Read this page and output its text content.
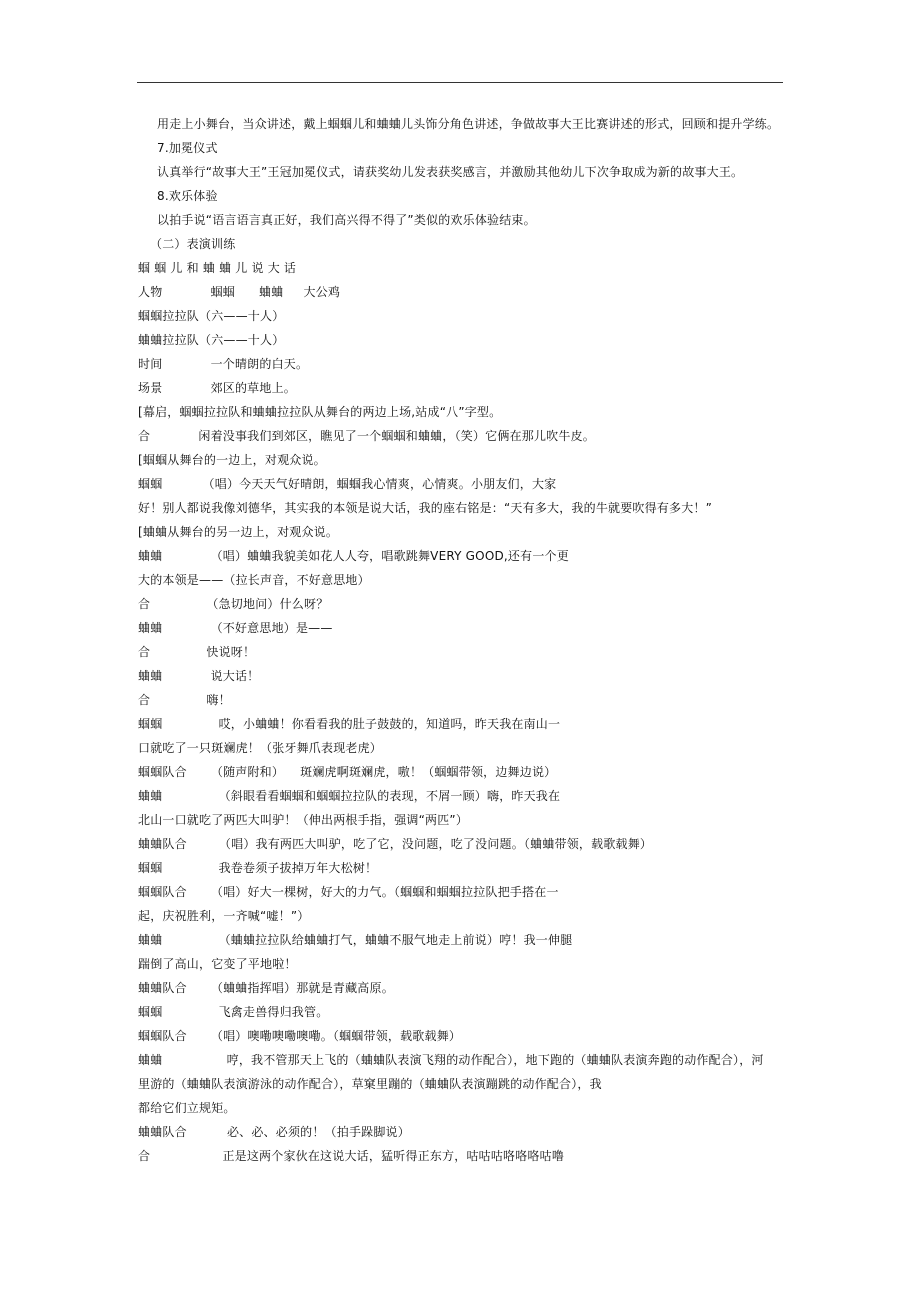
用走上小舞台，当众讲述，戴上蝈蝈儿和蛐蛐儿头饰分角色讲述，争做故事大王比赛讲述的形式，回顾和提升学练。
7.加冕仪式
认真举行“故事大王”王冠加冕仪式，请获奖幼儿发表获奖感言，并激励其他幼儿下次争取成为新的故事大王。
8.欢乐体验
以拍手说“语言语言真正好，我们高兴得不得了”类似的欢乐体验结束。
（二）表演训练
蝈 蝈 儿 和 蛐 蛐 儿 说 大 话
人物            蝈蝈      蛐蛐     大公鸡
蝈蝈拉拉队（六——十人）
蛐蛐拉拉队（六——十人）
时间            一个晴朗的白天。
场景            郊区的草地上。
[幕启，蝈蝈拉拉队和蛐蛐拉拉队从舞台的两边上场,站成“八”字型。
合            闲着没事我们到郊区，瞧见了一个蝈蝈和蛐蛐，（笑）它俩在那儿吹牛皮。
[蝈蝈从舞台的一边上，对观众说。
蝈蝈          （唱）今天天气好晴朗，蝈蝈我心情爽，心情爽。小朋友们，大家
好！别人都说我像刘德华，其实我的本领是说大话，我的座右铭是：“天有多大，我的牛就要吹得有多大！”
[蛐蛐从舞台的另一边上，对观众说。
蛐蛐            （唱）蛐蛐我貌美如花人人夸，唱歌跳舞VERY GOOD,还有一个更
大的本领是——（拉长声音，不好意思地）
合              （急切地问）什么呀？
蛐蛐            （不好意思地）是——
合              快说呀！
蛐蛐            说大话！
合              嗨！
蝈蝈              哎，小蛐蛐！你看看我的肚子鼓鼓的，知道吗，昨天我在南山一
口就吃了一只斑斓虎！（张牙舞爪表现老虎）
蝈蝈队合      （随声附和）    斑斓虎啊斑斓虎，嗷！（蝈蝈带领，边舞边说）
蛐蛐              （斜眼看看蝈蝈和蝈蝈拉拉队的表现，不屑一顾）嗨，昨天我在
北山一口就吃了两匹大叫驴！（伸出两根手指，强调“两匹”）
蛐蛐队合        （唱）我有两匹大叫驴，吃了它，没问题，吃了没问题。（蛐蛐带领，载歌载舞）
蝈蝈              我卷卷须子拔掉万年大松树！
蝈蝈队合      （唱）好大一棵树，好大的力气。（蝈蝈和蝈蝈拉拉队把手搭在一
起，庆祝胜利，一齐喊“嘘！”）
蛐蛐              （蛐蛐拉拉队给蛐蛐打气，蛐蛐不服气地走上前说）哼！我一伸腿
踹倒了高山，它变了平地啦！
蛐蛐队合      （蛐蛐指挥唱）那就是青藏高原。
蝈蝈              飞禽走兽得归我管。
蝈蝈队合      （唱）噢嘞噢嘞噢嘞。（蝈蝈带领，载歌载舞）
蛐蛐                哼，我不管那天上飞的（蛐蛐队表演飞翔的动作配合），地下跑的（蛐蛐队表演奔跑的动作配合），河
里游的（蛐蛐队表演游泳的动作配合），草窠里蹦的（蛐蛐队表演蹦跳的动作配合），我
都给它们立规矩。
蛐蛐队合          必、必、必须的！（拍手跺脚说）
合                  正是这两个家伙在这说大话，猛听得正东方，咕咕咕咯咯咯咕噜
